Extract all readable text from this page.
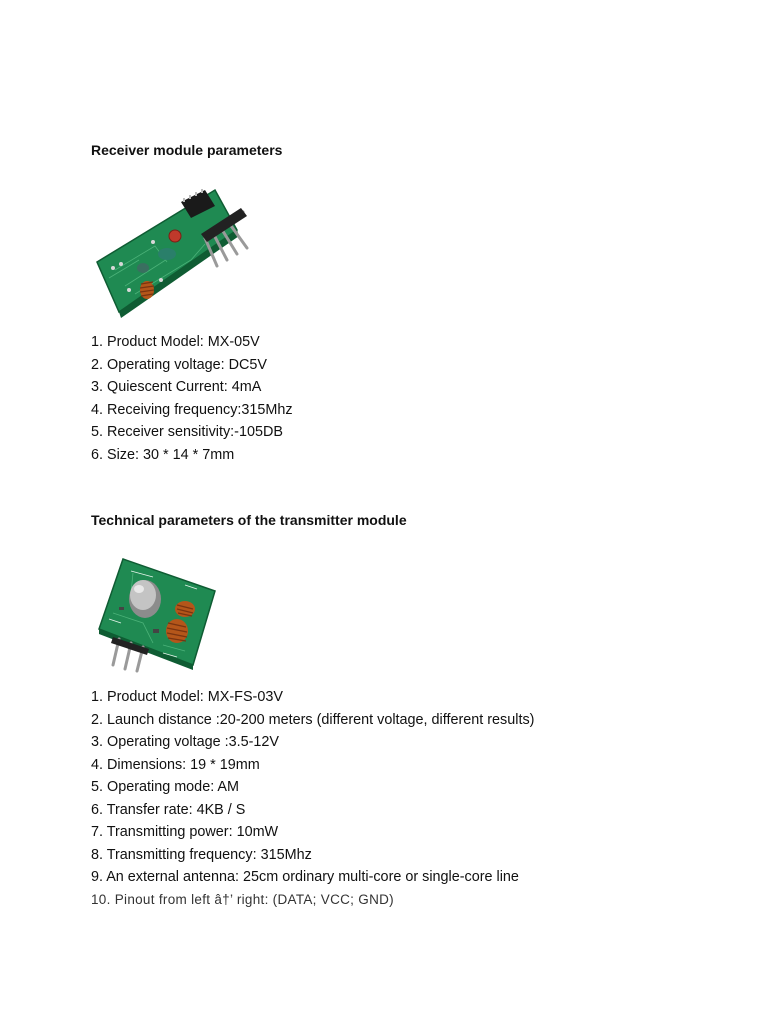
Receiver module parameters
1. Product Model: MX-05V
2. Operating voltage: DC5V
3. Quiescent Current: 4mA
4. Receiving frequency:315Mhz
5. Receiver sensitivity:-105DB
6. Size: 30 * 14 * 7mm
Technical parameters of the transmitter module
1. Product Model: MX-FS-03V
2. Launch distance :20-200 meters (different voltage, different results)
3. Operating voltage :3.5-12V
4. Dimensions: 19 * 19mm
5. Operating mode: AM
6. Transfer rate: 4KB / S
7. Transmitting power: 10mW
8. Transmitting frequency: 315Mhz
9. An external antenna: 25cm ordinary multi-core or single-core line
10. Pinout from left â†’ right: (DATA; VCC; GND)
